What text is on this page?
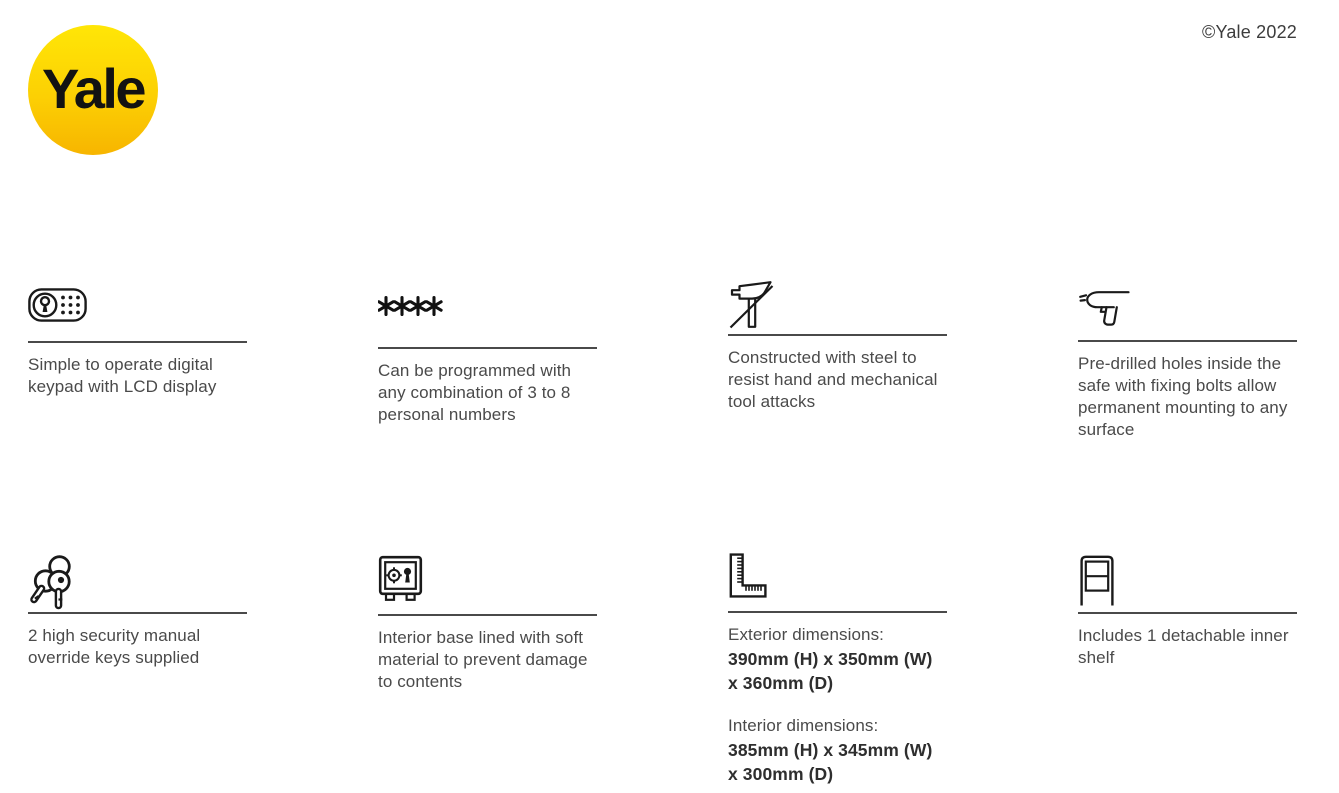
Yale
©Yale 2022
Simple to operate digital keypad with LCD display
Can be programmed with any combination of 3 to 8 personal numbers
Constructed with steel to resist hand and mechanical tool attacks
Pre-drilled holes inside the safe with fixing bolts allow permanent mounting to any surface
2 high security manual override keys supplied
Interior base lined with soft material to prevent damage to contents
Exterior dimensions:
390mm (H) x 350mm (W)
x 360mm (D)
Interior dimensions:
385mm (H) x 345mm (W)
x 300mm (D)
Includes 1 detachable inner shelf
